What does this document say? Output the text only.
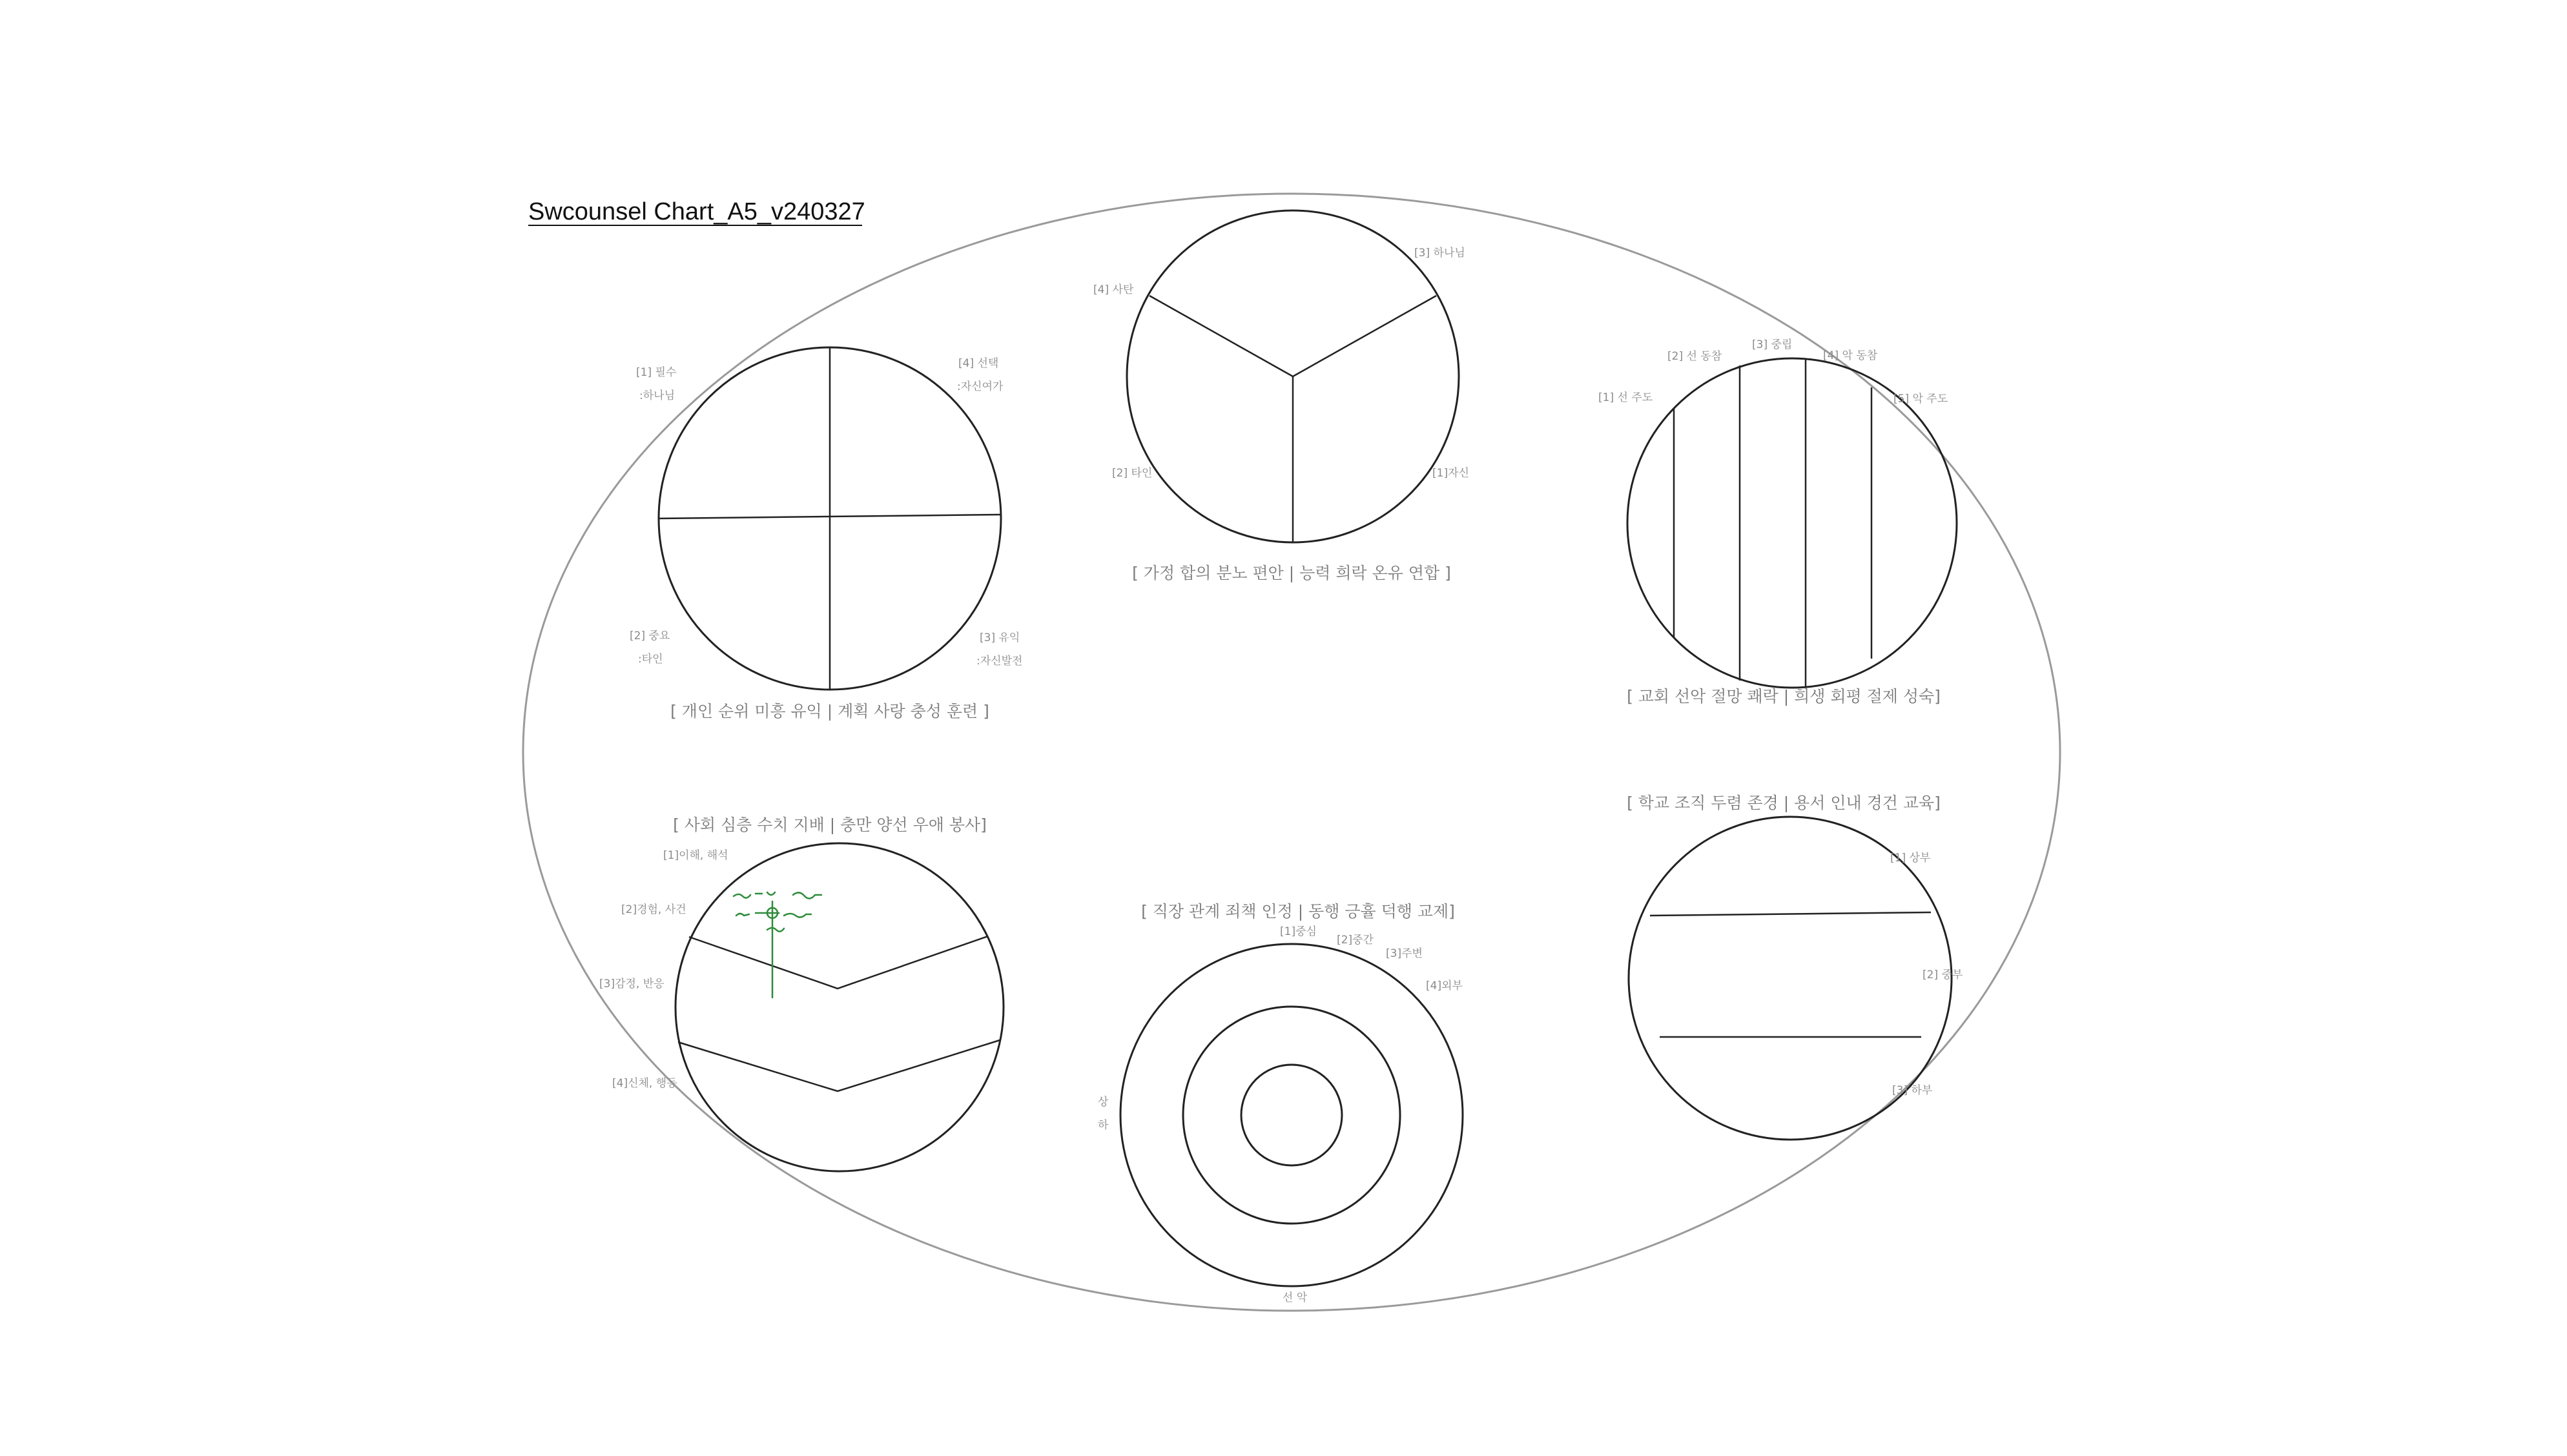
Swcounsel Chart_A5_v240327
[1] 필수
:하나님
[4] 선택
:자신여가
[2] 중요
:타인
[3] 유익
:자신발전
[ 개인 순위 미흥 유익 | 계획 사랑 충성 훈련 ]
[4] 사탄
[3] 하나님
[2] 타인	[1]자신
[ 가정 합의 분노 편안 | 능력 희락 온유 연합 ]
[1] 선 주도
[2] 선 동참
[3] 중립
[4] 악 동참
[5] 악 주도
[ 교회 선악 절망 쾌락 | 희생 회평 절제 성숙]
[ 사회 심층 수치 지배 | 충만 양선 우애 봉사]
[1]이해, 해석
[2]경험, 사건
[3]감정, 반응
[4]신체, 행동
[ 직장 관계 죄책 인정 | 동행 긍휼 덕행 교제]
[1]중심
[2]중간
[3]주변
[4]외부
상
하
선 악
[ 학교 조직 두렴 존경 | 용서 인내 경건 교육]
[1] 상부
[2] 중부
[3] 하부
